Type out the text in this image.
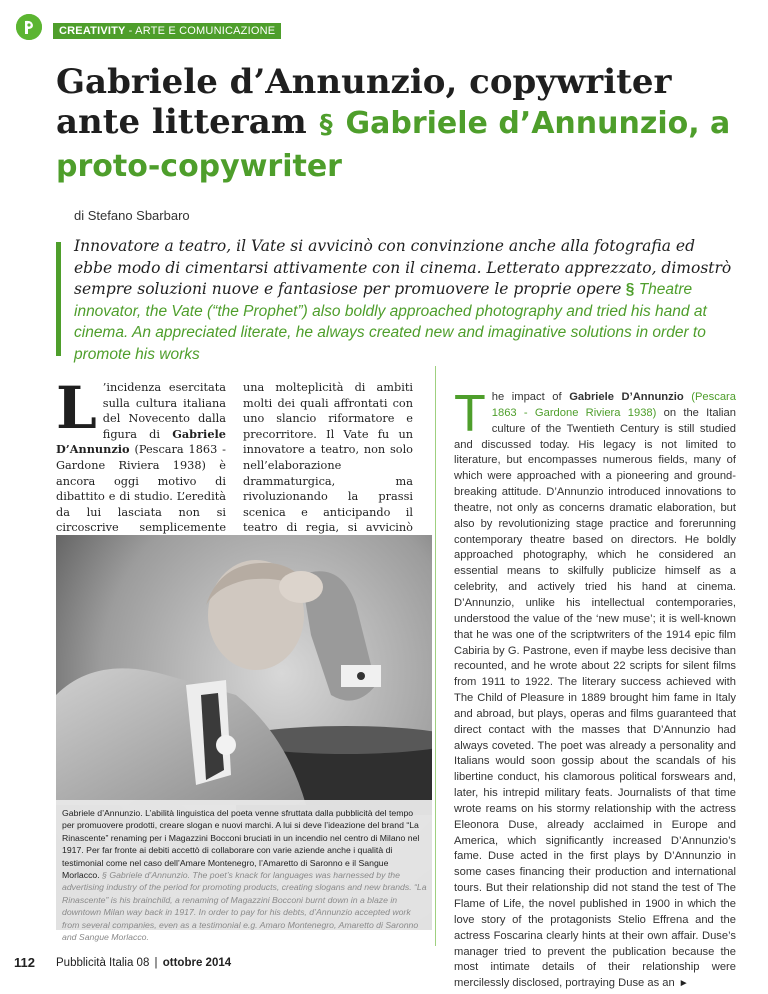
CREATIVITY - ARTE E COMUNICAZIONE
Gabriele d’Annunzio, copywriter ante litteram § Gabriele d’Annunzio, a proto-copywriter
di Stefano Sbarbaro

Innovatore a teatro, il Vate si avvicinò con convinzione anche alla fotografia ed ebbe modo di cimentarsi attivamente con il cinema. Letterato apprezzato, dimostrò sempre soluzioni nuove e fantasiose per promuovere le proprie opere § Theatre innovator, the Vate (“the Prophet”) also boldly approached photography and tried his hand at cinema. An appreciated literate, he always created new and imaginative solutions in order to promote his works

L ’incidenza esercitata sulla cultura italiana del Novecento dalla figura di Gabriele D’Annunzio (Pescara 1863 - Gardone Riviera 1938) è ancora oggi motivo di dibattito e di studio. L’eredità da lui lasciata non si circoscrive semplicemente

una molteplicità di ambiti molti dei quali affrontati con uno slancio riformatore e precorritore. Il Vate fu un innovatore a teatro, non solo nell’elaborazione drammaturgica, ma rivoluzionando la prassi scenica e anticipando il teatro di regia, si avvicinò

Gabriele d’Annunzio. L’abilità linguistica del poeta venne sfruttata dalla pubblicità del tempo per promuovere prodotti, creare slogan e nuovi marchi. A lui si deve l’ideazione del brand “La Rinascente” renaming per i Magazzini Bocconi bruciati in un incendio nel centro di Milano nel 1917. Per far fronte ai debiti accettò di collaborare con varie aziende anche i qualità di testimonial come nel caso dell’Amare Montenegro, l’Amaretto di Saronno e il Sangue Morlacco. § Gabriele d’Annunzio. The poet’s knack for languages was harnessed by the advertising industry of the period for promoting products, creating slogans and new brands. “La Rinascente” is his brainchild, a renaming of Magazzini Bocconi burnt down in a blaze in downtown Milan way back in 1917. In order to pay for his debts, d’Annunzio accepted work from several companies, even as a testimonial e.g. Amaro Montenegro, Amaretto di Saronno and Sangue Morlacco.

The impact of Gabriele D’Annunzio (Pescara 1863 - Gardone Riviera 1938) on the Italian culture of the Twentieth Century is still studied and discussed today. His legacy is not limited to literature, but encompasses numerous fields, many of which were approached with a pioneering and ground-breaking attitude. D’Annunzio introduced innovations to theatre, not only as concerns dramatic elaboration, but also by revolutionizing stage practice and forerunning contemporary theatre based on directors. He boldly approached photography, which he considered an essential means to skilfully publicize himself as a celebrity, and actively tried his hand at cinema. D’Annunzio, unlike his intellectual contemporaries, understood the value of the ‘new muse’; it is well-known that he was one of the scriptwriters of the 1914 epic film Cabiria by G. Pastrone, even if maybe less decisive than recounted, and he wrote about 22 scripts for silent films from 1911 to 1922. The literary success achieved with The Child of Pleasure in 1889 brought him fame in Italy and abroad, but plays, operas and films guaranteed that direct contact with the masses that D’Annunzio had always coveted. The poet was already a personality and Italians would soon gossip about the scandals of his libertine conduct, his clamorous political forswears and, later, his intrepid military feats. Journalists of that time wrote reams on his stormy relationship with the actress Eleonora Duse, already acclaimed in Europe and America, which significantly increased D’Annunzio’s fame. Duse acted in the first plays by D’Annunzio in some cases financing their production and international tours. But their relationship did not stand the test of The Flame of Life, the novel published in 1900 in which the love story of the protagonists Stelio Effrena and the actress Foscarina clearly hints at their own affair. Duse’s manager tried to prevent the publication because the most intimate details of their relationship were mercilessly disclosed, portraying Duse as an ►

112 Pubblicità Italia 08 | ottobre 2014
